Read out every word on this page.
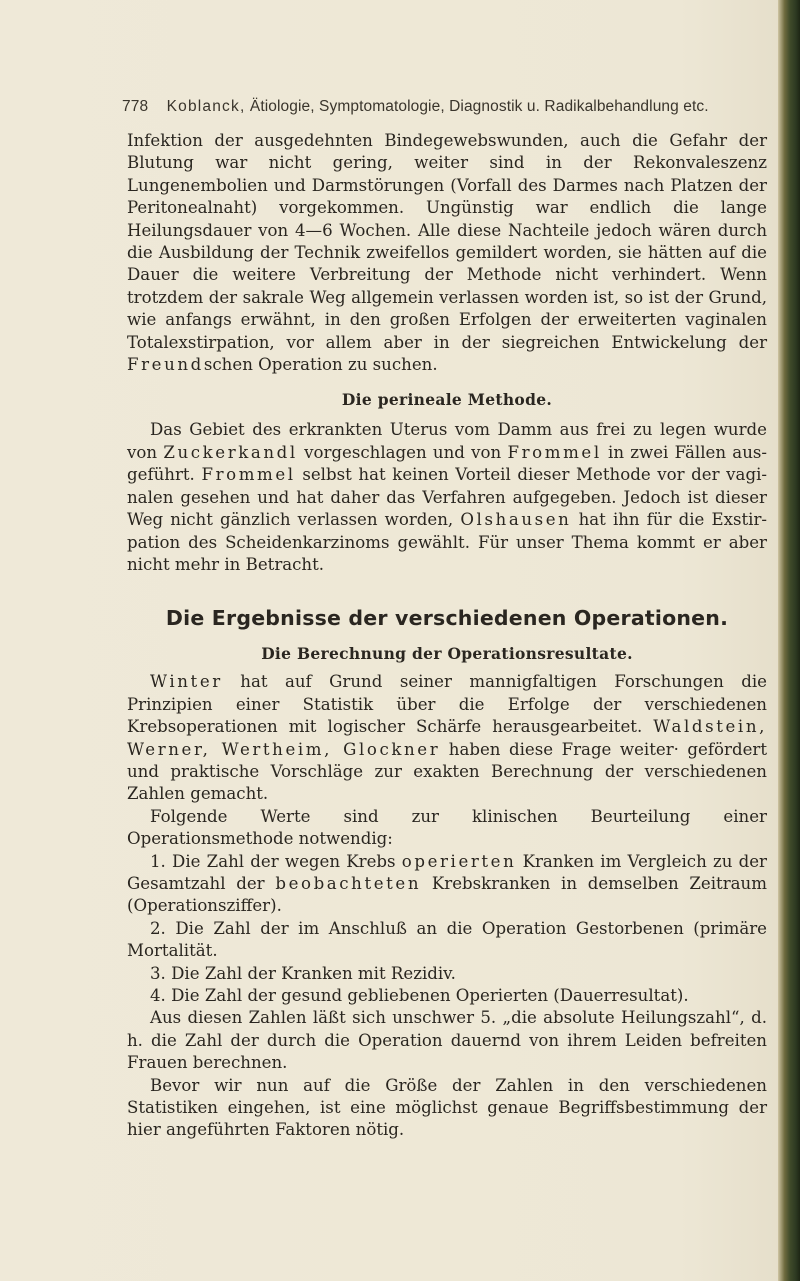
778 Koblanck, Ätiologie, Symptomatologie, Diagnostik u. Radikalbehandlung etc.

Infektion der ausgedehnten Bindegewebswunden, auch die Gefahr der Blutung war nicht gering, weiter sind in der Rekonvaleszenz Lungenembolien und Darmstörungen (Vorfall des Darmes nach Platzen der Peritonealnaht) vorgekommen. Ungünstig war endlich die lange Heilungsdauer von 4—6 Wochen. Alle diese Nachteile jedoch wären durch die Ausbildung der Technik zweifellos gemildert worden, sie hätten auf die Dauer die weitere Verbreitung der Methode nicht verhindert. Wenn trotzdem der sakrale Weg allgemein verlassen worden ist, so ist der Grund, wie anfangs erwähnt, in den großen Erfolgen der erweiterten vaginalen Totalexstirpation, vor allem aber in der siegreichen Entwickelung der Freundschen Operation zu suchen.

Die perineale Methode.

Das Gebiet des erkrankten Uterus vom Damm aus frei zu legen wurde von Zuckerkandl vorgeschlagen und von Frommel in zwei Fällen ausgeführt. Frommel selbst hat keinen Vorteil dieser Methode vor der vaginalen gesehen und hat daher das Verfahren aufgegeben. Jedoch ist dieser Weg nicht gänzlich verlassen worden, Olshausen hat ihn für die Exstirpation des Scheidenkarzinoms gewählt. Für unser Thema kommt er aber nicht mehr in Betracht.

Die Ergebnisse der verschiedenen Operationen.
Die Berechnung der Operationsresultate.

Winter hat auf Grund seiner mannigfaltigen Forschungen die Prinzipien einer Statistik über die Erfolge der verschiedenen Krebsoperationen mit logischer Schärfe herausgearbeitet. Waldstein, Werner, Wertheim, Glockner haben diese Frage weiter· gefördert und praktische Vorschläge zur exakten Berechnung der verschiedenen Zahlen gemacht.

Folgende Werte sind zur klinischen Beurteilung einer Operationsmethode notwendig:

1. Die Zahl der wegen Krebs operierten Kranken im Vergleich zu der Gesamtzahl der beobachteten Krebskranken in demselben Zeitraum (Operationsziffer).

2. Die Zahl der im Anschluß an die Operation Gestorbenen (primäre Mortalität.

3. Die Zahl der Kranken mit Rezidiv.

4. Die Zahl der gesund gebliebenen Operierten (Dauerresultat).

Aus diesen Zahlen läßt sich unschwer 5. „die absolute Heilungszahl“, d. h. die Zahl der durch die Operation dauernd von ihrem Leiden befreiten Frauen berechnen.

Bevor wir nun auf die Größe der Zahlen in den verschiedenen Statistiken eingehen, ist eine möglichst genaue Begriffsbestimmung der hier angeführten Faktoren nötig.
